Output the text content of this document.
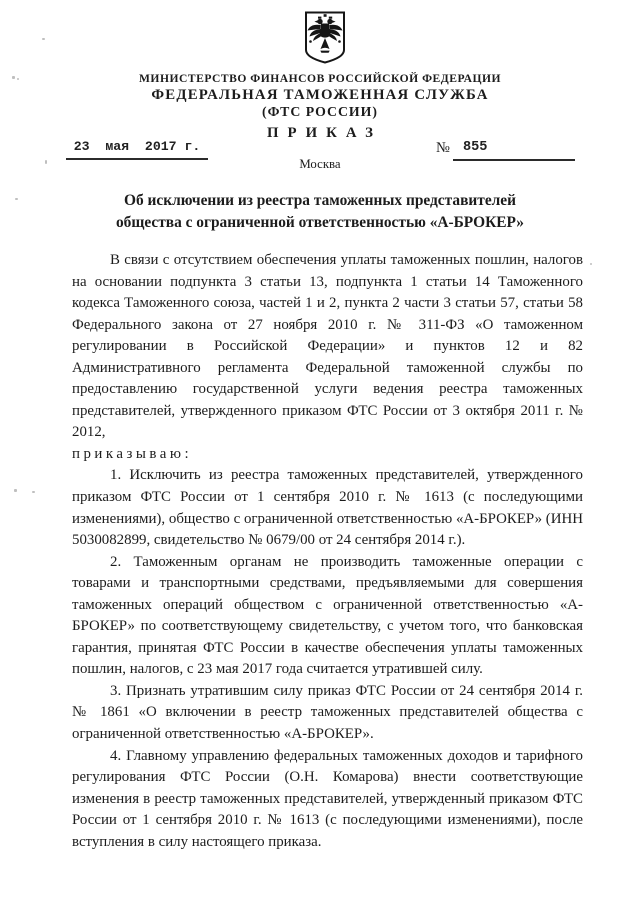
МИНИСТЕРСТВО ФИНАНСОВ РОССИЙСКОЙ ФЕДЕРАЦИИ
ФЕДЕРАЛЬНАЯ ТАМОЖЕННАЯ СЛУЖБА
(ФТС РОССИИ)
ПРИКАЗ
23  мая  2017 г.	№ 855
Москва
Об исключении из реестра таможенных представителей
общества с ограниченной ответственностью «А-БРОКЕР»

В связи с отсутствием обеспечения уплаты таможенных пошлин, налогов на основании подпункта 3 статьи 13, подпункта 1 статьи 14 Таможенного кодекса Таможенного союза, частей 1 и 2, пункта 2 части 3 статьи 57, статьи 58 Федерального закона от 27 ноября 2010 г. № 311-ФЗ «О таможенном регулировании в Российской Федерации» и пунктов 12 и 82 Административного регламента Федеральной таможенной службы по предоставлению государственной услуги ведения реестра таможенных представителей, утвержденного приказом ФТС России от 3 октября 2011 г. № 2012,

приказываю:

1. Исключить из реестра таможенных представителей, утвержденного приказом ФТС России от 1 сентября 2010 г. № 1613 (с последующими изменениями), общество с ограниченной ответственностью «А-БРОКЕР» (ИНН 5030082899, свидетельство № 0679/00 от 24 сентября 2014 г.).

2. Таможенным органам не производить таможенные операции с товарами и транспортными средствами, предъявляемыми для совершения таможенных операций обществом с ограниченной ответственностью «А-БРОКЕР» по соответствующему свидетельству, с учетом того, что банковская гарантия, принятая ФТС России в качестве обеспечения уплаты таможенных пошлин, налогов, с 23 мая 2017 года считается утратившей силу.

3. Признать утратившим силу приказ ФТС России от 24 сентября 2014 г. № 1861 «О включении в реестр таможенных представителей общества с ограниченной ответственностью «А-БРОКЕР».

4. Главному управлению федеральных таможенных доходов и тарифного регулирования ФТС России (О.Н. Комарова) внести соответствующие изменения в реестр таможенных представителей, утвержденный приказом ФТС России от 1 сентября 2010 г. № 1613 (с последующими изменениями), после вступления в силу настоящего приказа.
